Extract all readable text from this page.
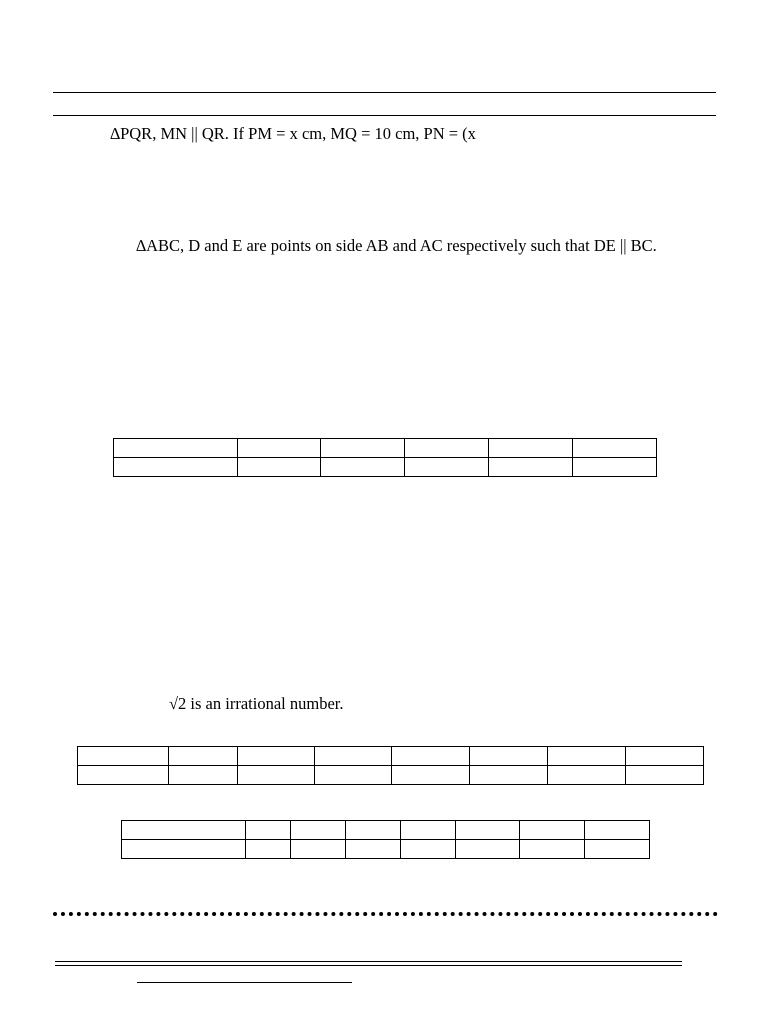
∆PQR, MN || QR. If PM = x cm, MQ = 10 cm, PN = (x
∆ABC, D and E are points on side AB and AC respectively such that DE || BC.

√2 is an irrational number.
